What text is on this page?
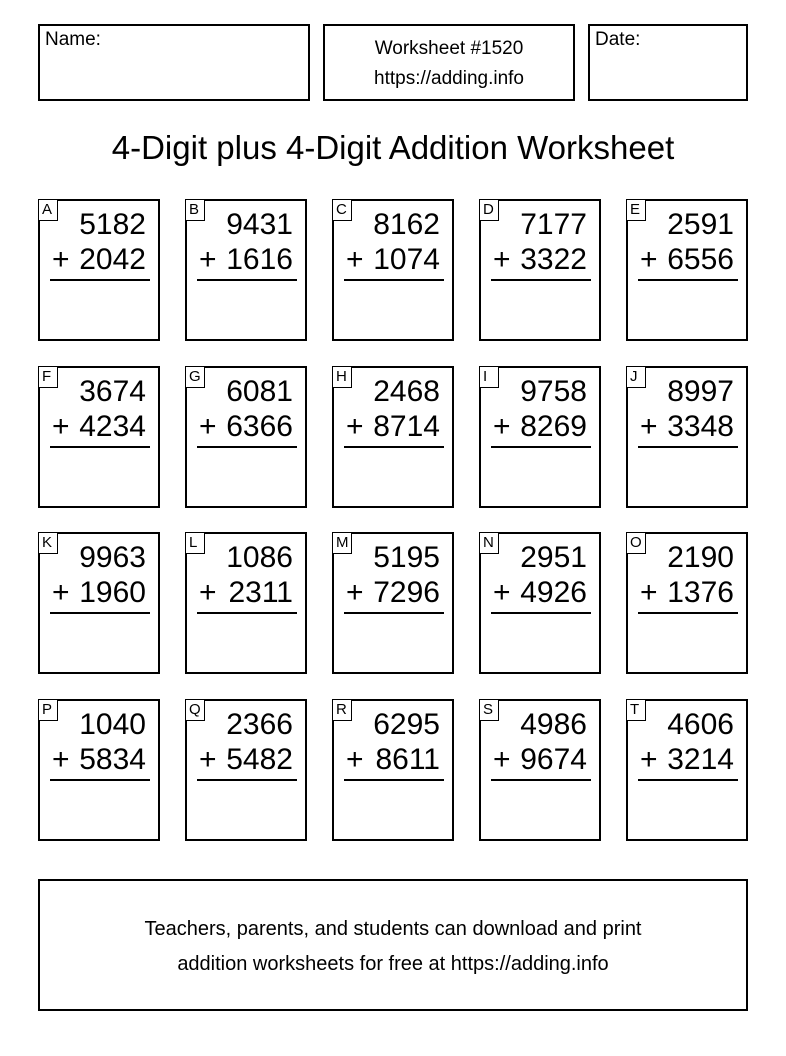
Name:	Worksheet #1520
https://adding.info
Date:
4-Digit plus 4-Digit Addition Worksheet
A 5182
+ 2042
B 9431
+ 1616
C 8162
+ 1074
D 7177
+ 3322
E 2591
+ 6556
F 3674
+ 4234
G 6081
+ 6366
H 2468
+ 8714
I	9758
+ 8269
J 8997
+ 3348
K 9963
+ 1960
L 1086
+ 2311
M 5195
+ 7296
N 2951
+ 4926
O 2190
+ 1376
P 1040
+ 5834
Q 2366
+ 5482
R 6295
+ 8611
S 4986
+ 9674
T 4606
+ 3214
Teachers, parents, and students can download and print
addition worksheets for free at https://adding.info
